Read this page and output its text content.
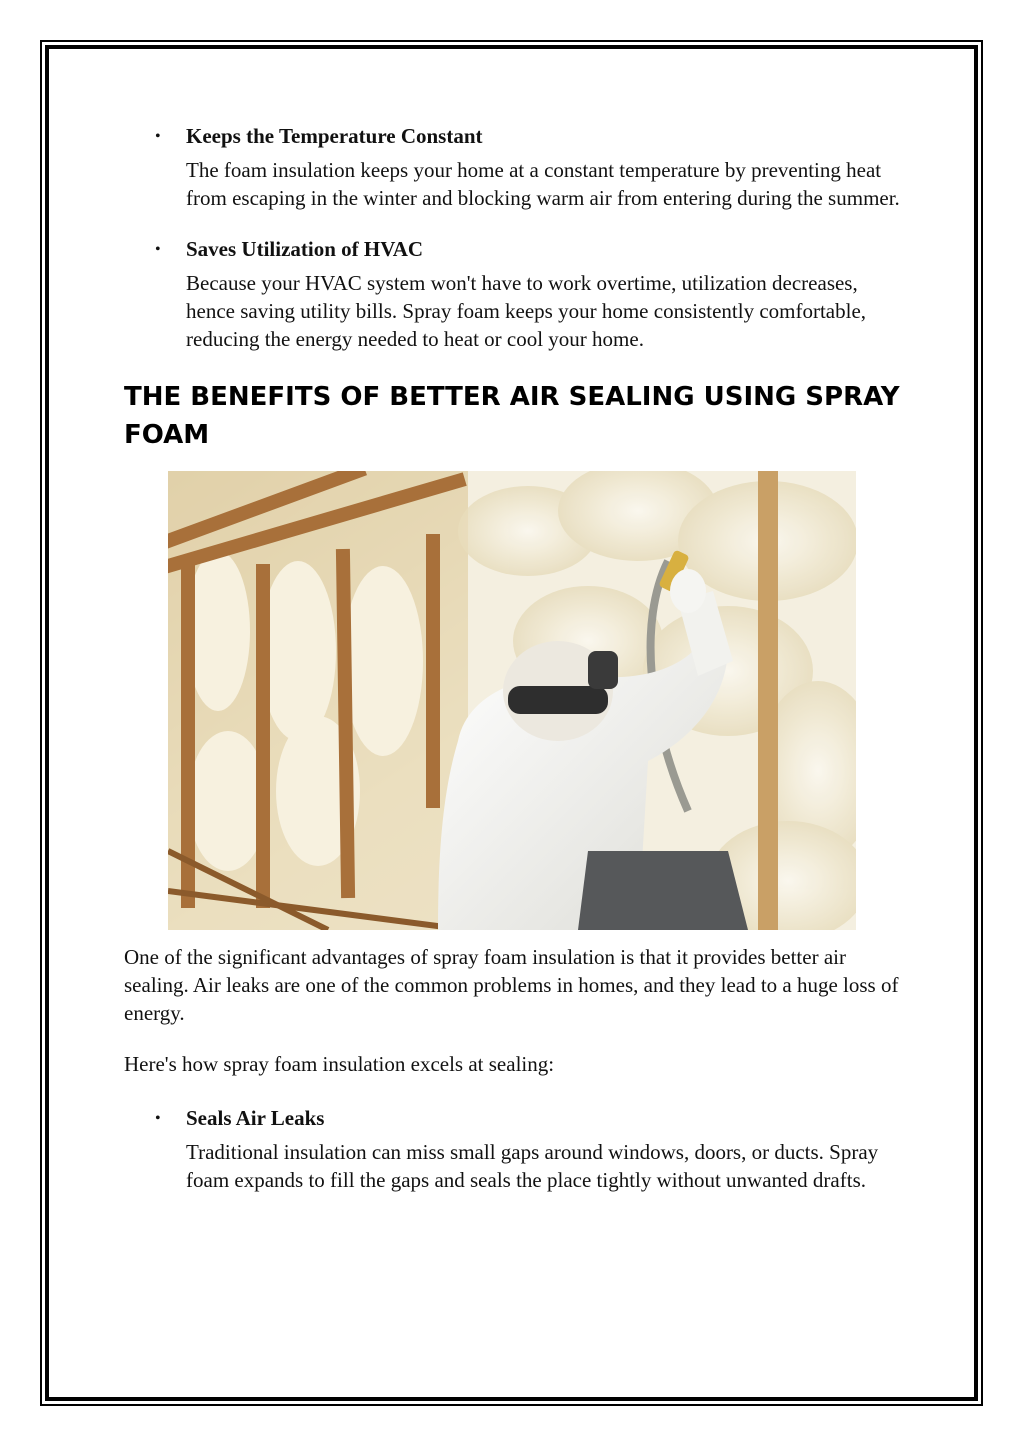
• Keeps the Temperature Constant
The foam insulation keeps your home at a constant temperature by preventing heat from escaping in the winter and blocking warm air from entering during the summer.
• Saves Utilization of HVAC
Because your HVAC system won't have to work overtime, utilization decreases, hence saving utility bills. Spray foam keeps your home consistently comfortable, reducing the energy needed to heat or cool your home.
THE BENEFITS OF BETTER AIR SEALING USING SPRAY FOAM

One of the significant advantages of spray foam insulation is that it provides better air sealing. Air leaks are one of the common problems in homes, and they lead to a huge loss of energy.

Here's how spray foam insulation excels at sealing:

• Seals Air Leaks
Traditional insulation can miss small gaps around windows, doors, or ducts. Spray foam expands to fill the gaps and seals the place tightly without unwanted drafts.
